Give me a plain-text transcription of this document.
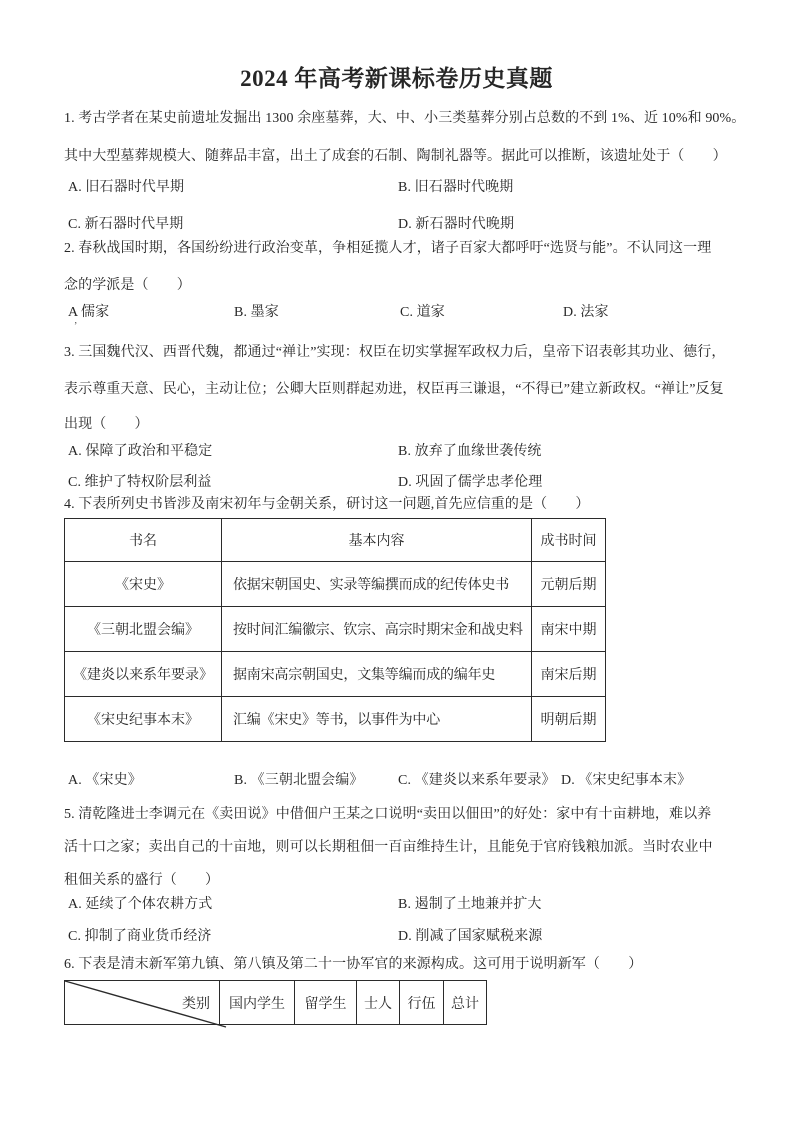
2024 年高考新课标卷历史真题
1. 考古学者在某史前遗址发掘出 1300 余座墓葬，大、中、小三类墓葬分别占总数的不到 1%、近 10%和 90%。
其中大型墓葬规模大、随葬品丰富，出土了成套的石制、陶制礼器等。据此可以推断，该遗址处于（　　）
A. 旧石器时代早期	B. 旧石器时代晚期
C. 新石器时代早期	D. 新石器时代晚期
2. 春秋战国时期，各国纷纷进行政治变革，争相延揽人才，诸子百家大都呼吁“选贤与能”。不认同这一理
念的学派是（　　）
A 儒家	B. 墨家	C. 道家	D. 法家
’
3. 三国魏代汉、西晋代魏，都通过“禅让”实现：权臣在切实掌握军政权力后，皇帝下诏表彰其功业、德行，
表示尊重天意、民心，主动让位；公卿大臣则群起劝进，权臣再三谦退，“不得已”建立新政权。“禅让”反复
出现（　　）
A. 保障了政治和平稳定	B. 放弃了血缘世袭传统
C. 维护了特权阶层利益	D. 巩固了儒学忠孝伦理
4. 下表所列史书皆涉及南宋初年与金朝关系，研讨这一问题,首先应信重的是（　　）
书名	基本内容	成书时间
《宋史》	依据宋朝国史、实录等编撰而成的纪传体史书	元朝后期
《三朝北盟会编》	按时间汇编徽宗、钦宗、高宗时期宋金和战史料	南宋中期
《建炎以来系年要录》	据南宋高宗朝国史，文集等编而成的编年史	南宋后期
《宋史纪事本末》	汇编《宋史》等书，以事件为中心	明朝后期
A. 《宋史》	B. 《三朝北盟会编》 C. 《建炎以来系年要录》 D. 《宋史纪事本末》
5. 清乾隆进士李调元在《卖田说》中借佃户王某之口说明“卖田以佃田”的好处：家中有十亩耕地，难以养
活十口之家；卖出自己的十亩地，则可以长期租佃一百亩维持生计，且能免于官府钱粮加派。当时农业中
租佃关系的盛行（　　）
A. 延续了个体农耕方式	B. 遏制了土地兼并扩大
C. 抑制了商业货币经济	D. 削减了国家赋税来源
6. 下表是清末新军第九镇、第八镇及第二十一协军官的来源构成。这可用于说明新军（　　）
类别	国内学生	留学生	士人	行伍	总计
